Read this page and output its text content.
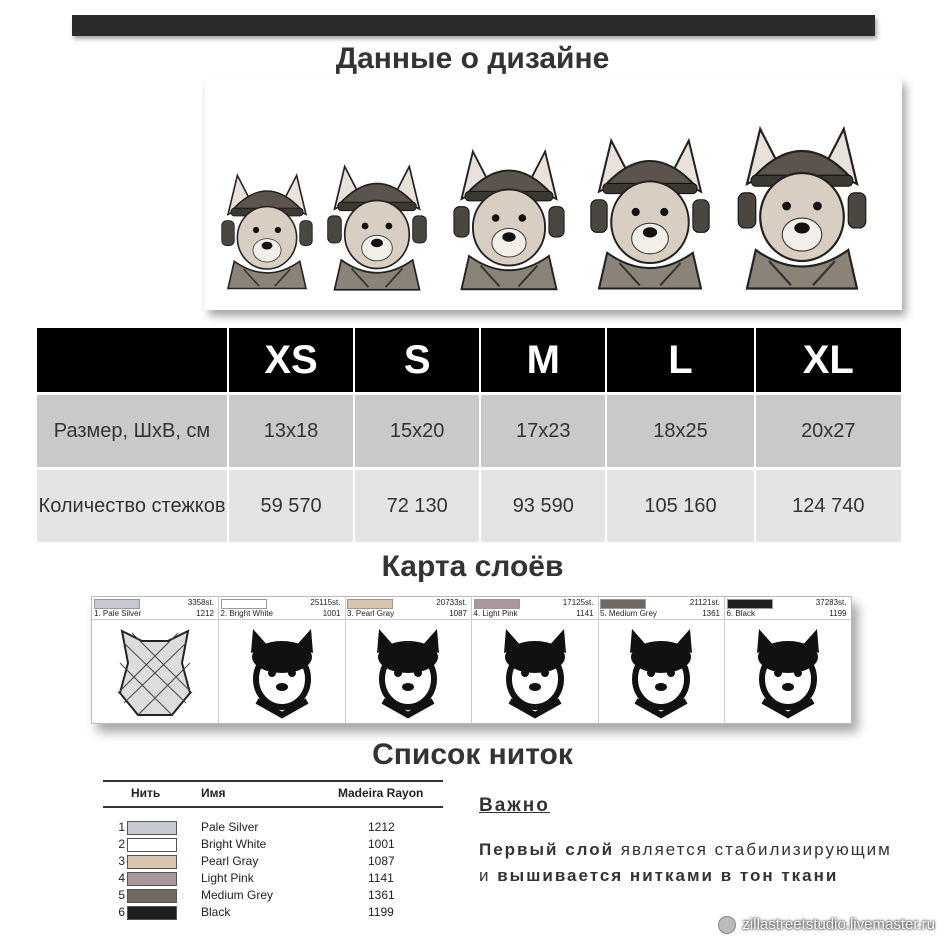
Данные о дизайне
	XS	S	M	L	XL
Размер, ШхВ, см	13x18	15x20	17x23	18x25	20x27
Количество стежков	59 570	72 130	93 590	105 160	124 740
Карта слоёв
3358st.
1. Pale Silver	1212
25115st.
2. Bright White	1001
20733st.
3. Pearl Gray	1087
17125st.
4. Light Pink	1141
21121st.
5. Medium Grey	1361
37283st.
6. Black	1199
Список ниток
Нить	Имя	Madeira Rayon
1	Pale Silver	1212
2	Bright White	1001
3	Pearl Gray	1087
4	Light Pink	1141
5	Medium Grey	1361
6	Black	1199
Важно
Первый слой является стабилизирующим и вышивается нитками в тон ткани
zillastreetstudio.livemaster.ru
